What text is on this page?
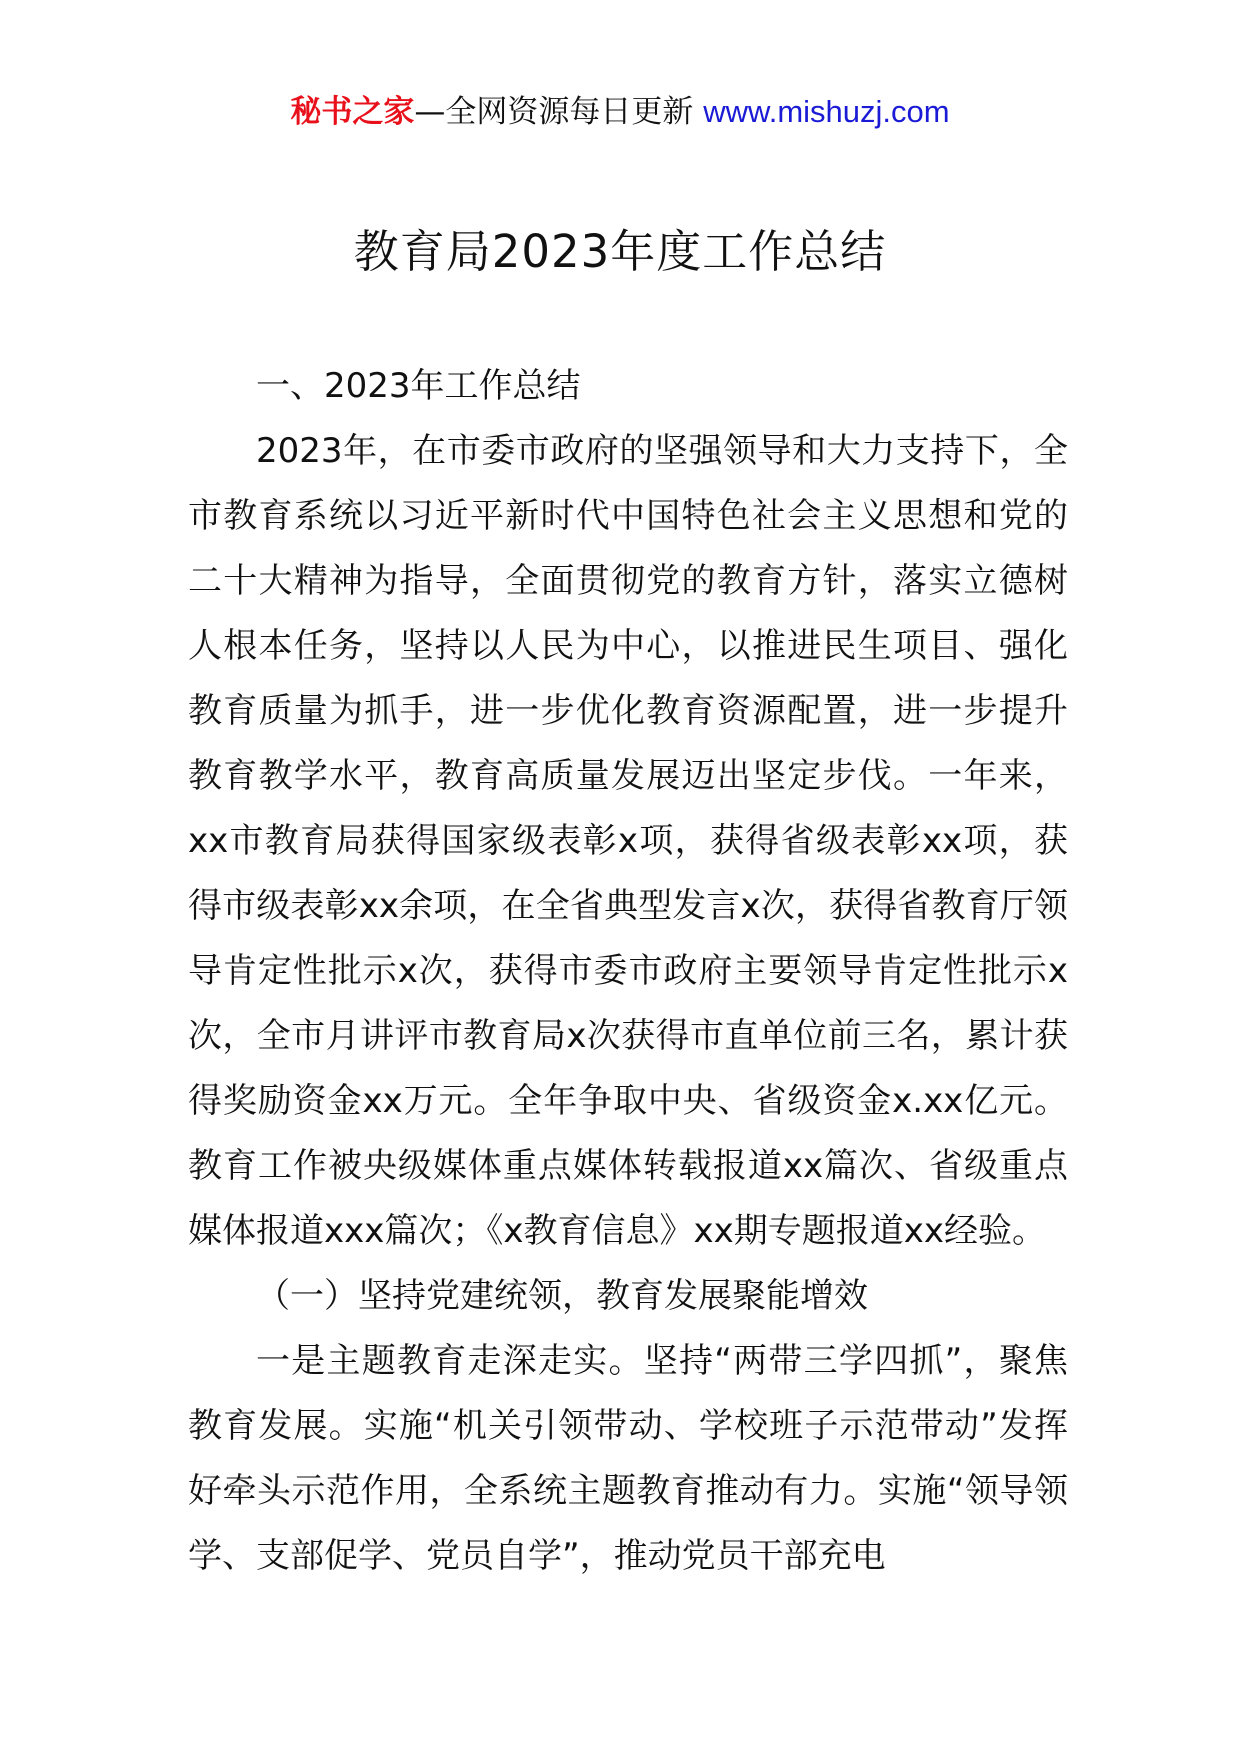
秘书之家—全网资源每日更新 www.mishuzj.com
教育局2023年度工作总结

一、2023年工作总结

2023年，在市委市政府的坚强领导和大力支持下，全市教育系统以习近平新时代中国特色社会主义思想和党的二十大精神为指导，全面贯彻党的教育方针，落实立德树人根本任务，坚持以人民为中心，以推进民生项目、强化教育质量为抓手，进一步优化教育资源配置，进一步提升教育教学水平，教育高质量发展迈出坚定步伐。一年来，xx市教育局获得国家级表彰x项，获得省级表彰xx项，获得市级表彰xx余项，在全省典型发言x次，获得省教育厅领导肯定性批示x次，获得市委市政府主要领导肯定性批示x次，全市月讲评市教育局x次获得市直单位前三名，累计获得奖励资金xx万元。全年争取中央、省级资金x.xx亿元。教育工作被央级媒体重点媒体转载报道xx篇次、省级重点媒体报道xxx篇次；《x教育信息》xx期专题报道xx经验。

（一）坚持党建统领，教育发展聚能增效

一是主题教育走深走实。坚持“两带三学四抓”，聚焦教育发展。实施“机关引领带动、学校班子示范带动”发挥好牵头示范作用，全系统主题教育推动有力。实施“领导领学、支部促学、党员自学”，推动党员干部充电
